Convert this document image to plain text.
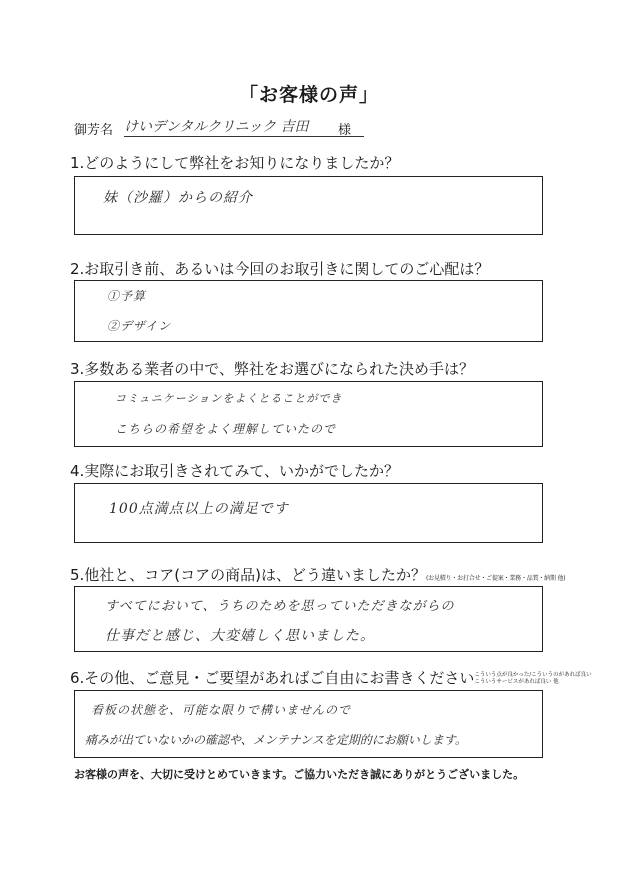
「お客様の声」
御芳名 けいデンタルクリニック 吉田	様
1.どのようにして弊社をお知りになりましたか？
妹（沙羅）からの紹介
2.お取引き前、あるいは今回のお取引きに関してのご心配は？
①予算
②デザイン
3.多数ある業者の中で、弊社をお選びになられた決め手は？
コミュニケーションをよくとることができ
こちらの希望をよく理解していたので
4.実際にお取引きされてみて、いかがでしたか？
100点満点以上の満足です
5.他社と、コア(コアの商品)は、どう違いましたか？(お見積り・お打合せ・ご提案・業務・品質・納期 他)
すべてにおいて、うちのためを思っていただきながらの
仕事だと感じ、大変嬉しく思いました。
6.その他、ご意見・ご要望があればご自由にお書きくださいこういう点が良かった/こういうのがあれば良い
こういうサービスがあれば良い 他
看板の状態を、可能な限りで構いませんので
痛みが出ていないかの確認や、メンテナンスを定期的にお願いします。
お客様の声を、大切に受けとめていきます。ご協力いただき誠にありがとうございました。
